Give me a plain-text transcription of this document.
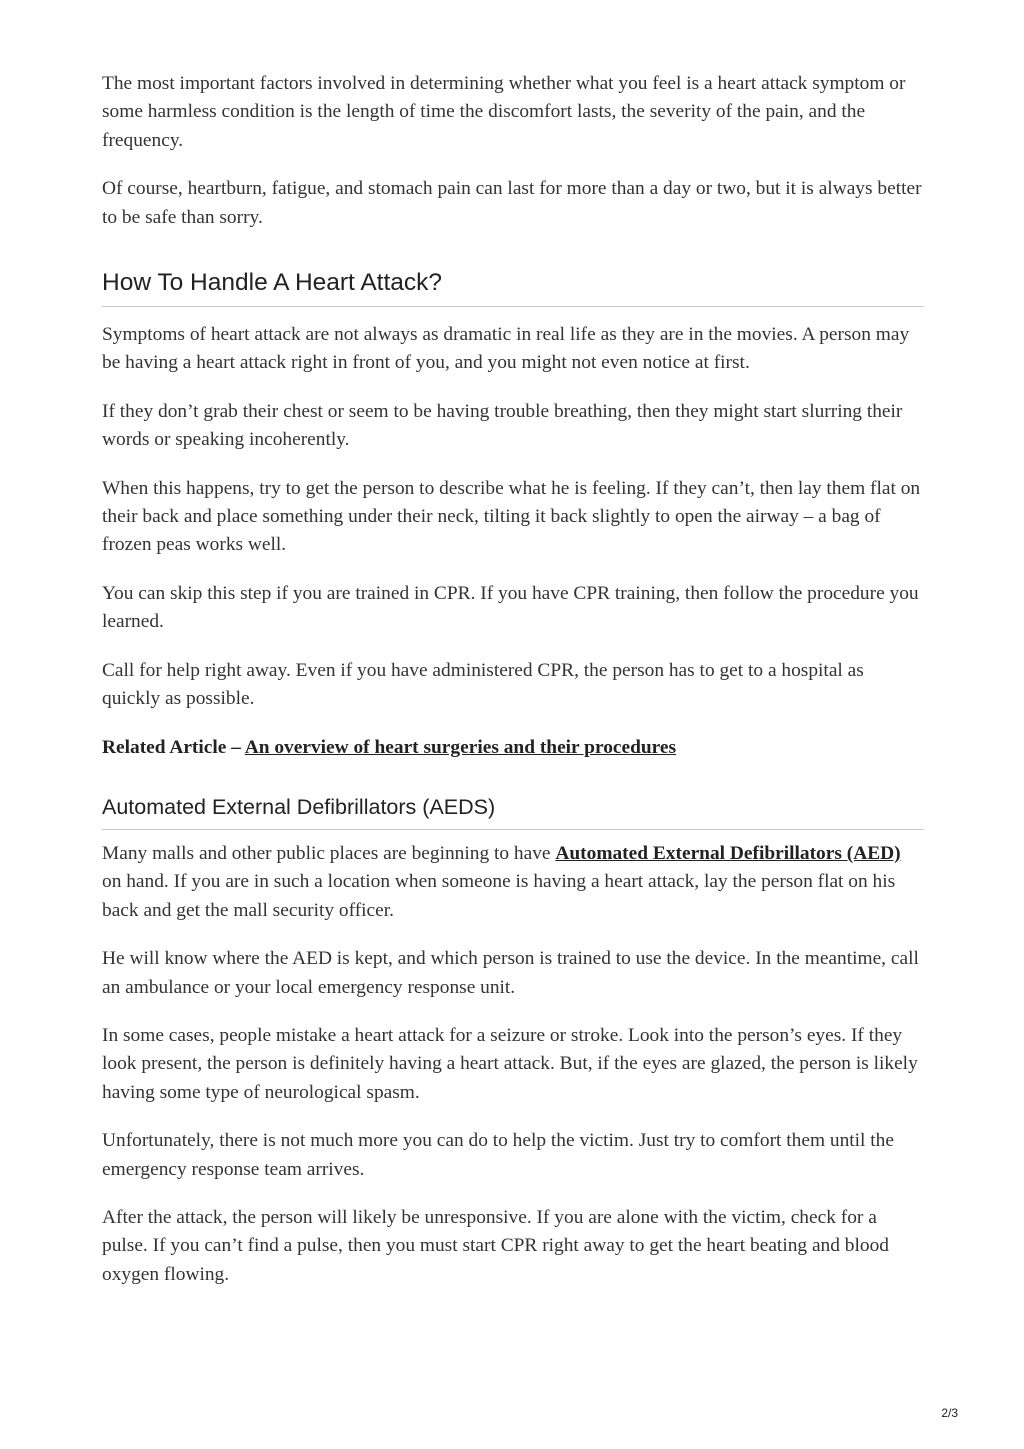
The most important factors involved in determining whether what you feel is a heart attack symptom or some harmless condition is the length of time the discomfort lasts, the severity of the pain, and the frequency.

Of course, heartburn, fatigue, and stomach pain can last for more than a day or two, but it is always better to be safe than sorry.

How To Handle A Heart Attack?

Symptoms of heart attack are not always as dramatic in real life as they are in the movies. A person may be having a heart attack right in front of you, and you might not even notice at first.

If they don’t grab their chest or seem to be having trouble breathing, then they might start slurring their words or speaking incoherently.

When this happens, try to get the person to describe what he is feeling. If they can’t, then lay them flat on their back and place something under their neck, tilting it back slightly to open the airway – a bag of frozen peas works well.

You can skip this step if you are trained in CPR. If you have CPR training, then follow the procedure you learned.

Call for help right away. Even if you have administered CPR, the person has to get to a hospital as quickly as possible.

Related Article – An overview of heart surgeries and their procedures

Automated External Defibrillators (AEDS)

Many malls and other public places are beginning to have Automated External Defibrillators (AED) on hand. If you are in such a location when someone is having a heart attack, lay the person flat on his back and get the mall security officer.

He will know where the AED is kept, and which person is trained to use the device. In the meantime, call an ambulance or your local emergency response unit.

In some cases, people mistake a heart attack for a seizure or stroke. Look into the person’s eyes. If they look present, the person is definitely having a heart attack. But, if the eyes are glazed, the person is likely having some type of neurological spasm.

Unfortunately, there is not much more you can do to help the victim. Just try to comfort them until the emergency response team arrives.

After the attack, the person will likely be unresponsive. If you are alone with the victim, check for a pulse. If you can’t find a pulse, then you must start CPR right away to get the heart beating and blood oxygen flowing.

2/3
